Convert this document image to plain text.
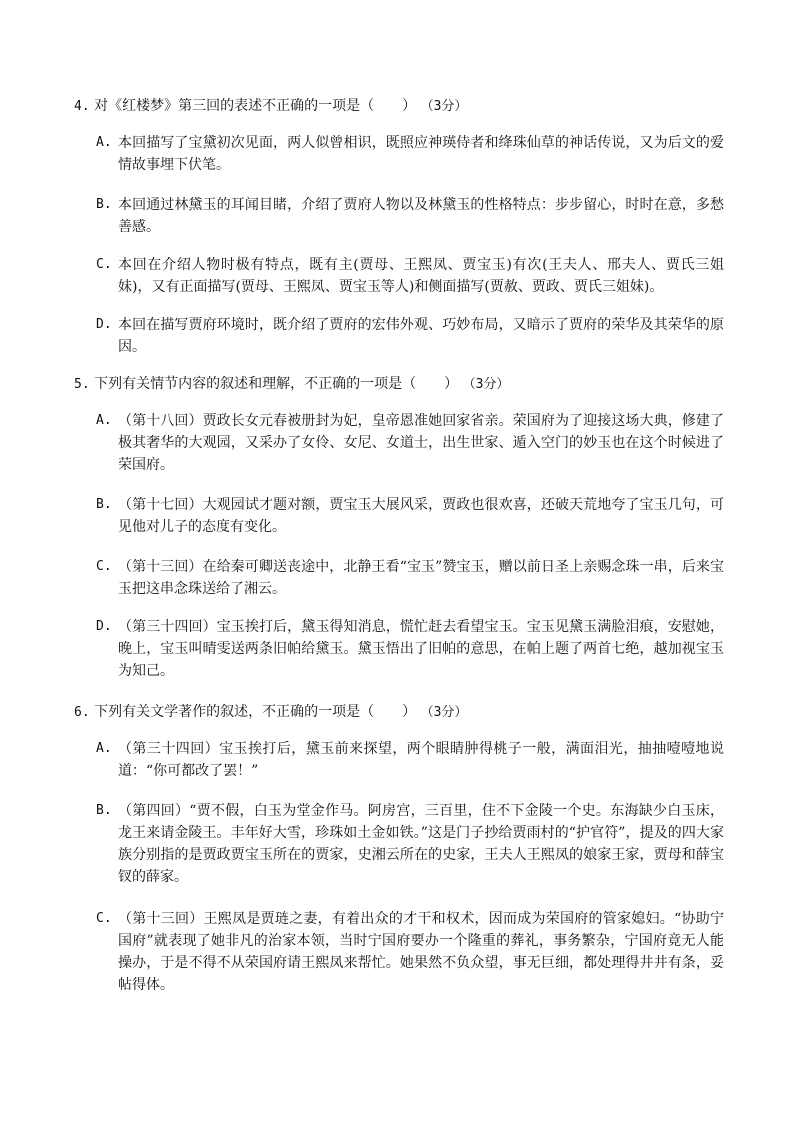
4. 对《红楼梦》第三回的表述不正确的一项是（　　） （3分）
A. 本回描写了宝黛初次见面，两人似曾相识，既照应神瑛侍者和绛珠仙草的神话传说，又为后文的爱情故事埋下伏笔。
B. 本回通过林黛玉的耳闻目睹，介绍了贾府人物以及林黛玉的性格特点：步步留心，时时在意，多愁善感。
C. 本回在介绍人物时极有特点，既有主(贾母、王熙凤、贾宝玉)有次(王夫人、邢夫人、贾氏三姐妹)，又有正面描写(贾母、王熙凤、贾宝玉等人)和侧面描写(贾赦、贾政、贾氏三姐妹)。
D. 本回在描写贾府环境时，既介绍了贾府的宏伟外观、巧妙布局，又暗示了贾府的荣华及其荣华的原因。
5. 下列有关情节内容的叙述和理解，不正确的一项是（　　） （3分）
A. （第十八回）贾政长女元春被册封为妃，皇帝恩准她回家省亲。荣国府为了迎接这场大典，修建了极其奢华的大观园，又采办了女伶、女尼、女道士，出生世家、遁入空门的妙玉也在这个时候进了荣国府。
B. （第十七回）大观园试才题对额，贾宝玉大展风采，贾政也很欢喜，还破天荒地夸了宝玉几句，可见他对儿子的态度有变化。
C. （第十三回）在给秦可卿送丧途中，北静王看“宝玉”赞宝玉，赠以前日圣上亲赐念珠一串，后来宝玉把这串念珠送给了湘云。
D. （第三十四回）宝玉挨打后，黛玉得知消息，慌忙赶去看望宝玉。宝玉见黛玉满脸泪痕，安慰她，晚上，宝玉叫晴雯送两条旧帕给黛玉。黛玉悟出了旧帕的意思，在帕上题了两首七绝，越加视宝玉为知己。
6. 下列有关文学著作的叙述，不正确的一项是（　　） （3分）
A. （第三十四回）宝玉挨打后，黛玉前来探望，两个眼睛肿得桃子一般，满面泪光，抽抽噎噎地说道：“你可都改了罢！”
B. （第四回）“贾不假，白玉为堂金作马。阿房宫，三百里，住不下金陵一个史。东海缺少白玉床，龙王来请金陵王。丰年好大雪，珍珠如土金如铁。”这是门子抄给贾雨村的“护官符”，提及的四大家族分别指的是贾政贾宝玉所在的贾家，史湘云所在的史家，王夫人王熙凤的娘家王家，贾母和薛宝钗的薛家。
C. （第十三回）王熙凤是贾琏之妻，有着出众的才干和权术，因而成为荣国府的管家媳妇。“协助宁国府”就表现了她非凡的治家本领，当时宁国府要办一个隆重的葬礼，事务繁杂，宁国府竟无人能操办，于是不得不从荣国府请王熙凤来帮忙。她果然不负众望，事无巨细，都处理得井井有条，妥帖得体。
